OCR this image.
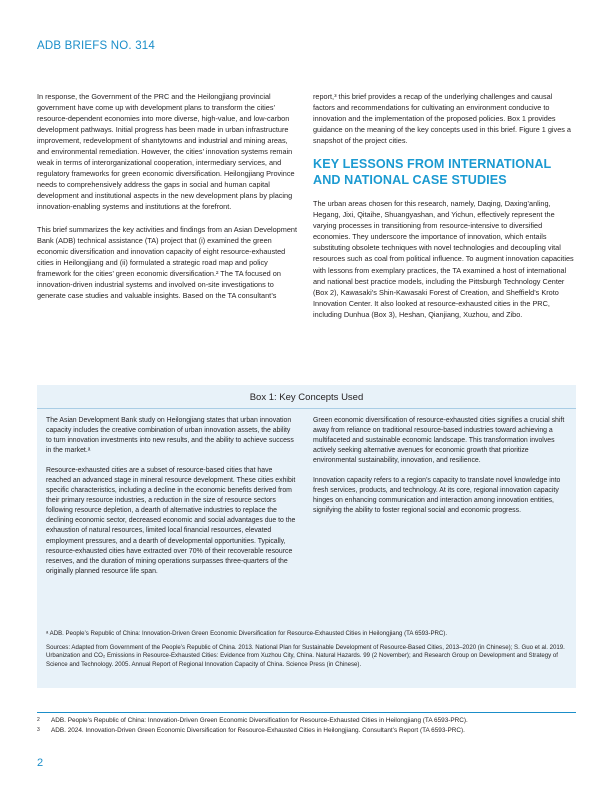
ADB BRIEFS NO. 314

In response, the Government of the PRC and the Heilongjiang provincial government have come up with development plans to transform the cities’ resource-dependent economies into more diverse, high-value, and low-carbon development pathways. Initial progress has been made in urban infrastructure improvement, redevelopment of shantytowns and industrial and mining areas, and environmental remediation. However, the cities’ innovation systems remain weak in terms of interorganizational cooperation, intermediary services, and regulatory frameworks for green economic diversification. Heilongjiang Province needs to comprehensively address the gaps in social and human capital development and institutional aspects in the new development plans by placing innovation-enabling systems and institutions at the forefront.

This brief summarizes the key activities and findings from an Asian Development Bank (ADB) technical assistance (TA) project that (i) examined the green economic diversification and innovation capacity of eight resource-exhausted cities in Heilongjiang and (ii) formulated a strategic road map and policy framework for the cities’ green economic diversification.² The TA focused on innovation-driven industrial systems and involved on-site investigations to generate case studies and valuable insights. Based on the TA consultant’s

report,³ this brief provides a recap of the underlying challenges and causal factors and recommendations for cultivating an environment conducive to innovation and the implementation of the proposed policies. Box 1 provides guidance on the meaning of the key concepts used in this brief. Figure 1 gives a snapshot of the project cities.

KEY LESSONS FROM INTERNATIONAL AND NATIONAL CASE STUDIES

The urban areas chosen for this research, namely, Daqing, Daxing’anling, Hegang, Jixi, Qitaihe, Shuangyashan, and Yichun, effectively represent the varying processes in transitioning from resource-intensive to diversified economies. They underscore the importance of innovation, which entails substituting obsolete techniques with novel technologies and decoupling vital resources such as coal from political influence. To augment innovation capacities with lessons from exemplary practices, the TA examined a host of international and national best practice models, including the Pittsburgh Technology Center (Box 2), Kawasaki’s Shin-Kawasaki Forest of Creation, and Sheffield’s Kroto Innovation Center. It also looked at resource-exhausted cities in the PRC, including Dunhua (Box 3), Heshan, Qianjiang, Xuzhou, and Zibo.

Box 1: Key Concepts Used

The Asian Development Bank study on Heilongjiang states that urban innovation capacity includes the creative combination of urban innovation assets, the ability to turn innovation investments into new results, and the ability to achieve success in the market.ᵃ

Resource-exhausted cities are a subset of resource-based cities that have reached an advanced stage in mineral resource development. These cities exhibit specific characteristics, including a decline in the economic benefits derived from their primary resource industries, a reduction in the size of resource sectors following resource depletion, a dearth of alternative industries to replace the declining economic sector, decreased economic and social advantages due to the exhaustion of natural resources, limited local financial resources, elevated employment pressures, and a dearth of developmental opportunities. Typically, resource-exhausted cities have extracted over 70% of their recoverable resource reserves, and the duration of mining operations surpasses three-quarters of the originally planned resource life span.

Green economic diversification of resource-exhausted cities signifies a crucial shift away from reliance on traditional resource-based industries toward achieving a multifaceted and sustainable economic landscape. This transformation involves actively seeking alternative avenues for economic growth that prioritize environmental sustainability, innovation, and resilience.

Innovation capacity refers to a region’s capacity to translate novel knowledge into fresh services, products, and technology. At its core, regional innovation capacity hinges on enhancing communication and interaction among innovation entities, signifying the ability to foster regional social and economic progress.

ᵃ ADB. People’s Republic of China: Innovation-Driven Green Economic Diversification for Resource-Exhausted Cities in Heilongjiang (TA 6593-PRC).

Sources: Adapted from Government of the People’s Republic of China. 2013. National Plan for Sustainable Development of Resource-Based Cities, 2013–2020 (in Chinese); S. Guo et al. 2019. Urbanization and CO₂ Emissions in Resource-Exhausted Cities: Evidence from Xuzhou City, China. Natural Hazards. 99 (2 November); and Research Group on Development and Strategy of Science and Technology. 2005. Annual Report of Regional Innovation Capacity of China. Science Press (in Chinese).

2	ADB. People’s Republic of China: Innovation-Driven Green Economic Diversification for Resource-Exhausted Cities in Heilongjiang (TA 6593-PRC).
3	ADB. 2024. Innovation-Driven Green Economic Diversification for Resource-Exhausted Cities in Heilongjiang. Consultant’s Report (TA 6593-PRC).
2
